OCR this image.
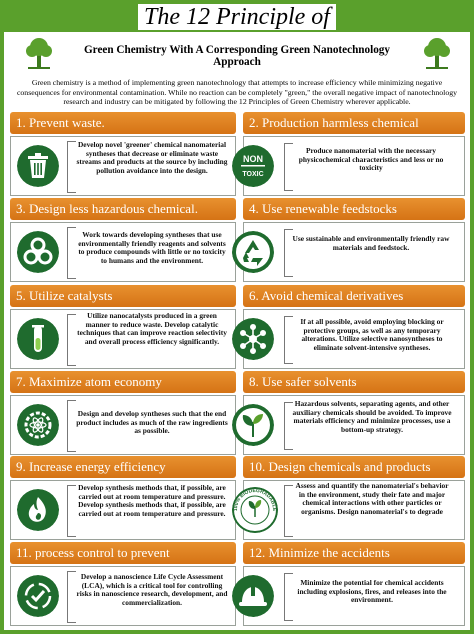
The 12 Principle of
Green Chemistry With A Corresponding Green Nanotechnology Approach
Green chemistry is a method of implementing green nanotechnology that attempts to increase efficiency while minimizing negative consequences for environmental contamination. While no reaction can be completely "green," the overall negative impact of nanotechnology research and industry can be mitigated by following the 12 Principles of Green Chemistry wherever applicable.
1. Prevent waste.	2. Production harmless chemical
Develop novel 'greener' chemical nanomaterial syntheses that decrease or eliminate waste streams and products at the source by including pollution avoidance into the design.
NON
TOXIC
Produce nanomaterial with the necessary physicochemical characteristics and less or no toxicity
3. Design less hazardous chemical.	4. Use renewable feedstocks
Work towards developing syntheses that use environmentally friendly reagents and solvents to produce compounds with little or no toxicity to humans and the environment.
Use sustainable and environmentally friendly raw materials and feedstock.
5. Utilize catalysts	6. Avoid chemical derivatives
Utilize nanocatalysts produced in a green manner to reduce waste. Develop catalytic techniques that can improve reaction selectivity and overall process efficiency significantly.
If at all possible, avoid employing blocking or protective groups, as well as any temporary alterations. Utilize selective nanosyntheses to eliminate solvent-intensive syntheses.
7. Maximize atom economy	8. Use safer solvents
Design and develop syntheses such that the end product includes as much of the raw ingredients as possible.
Hazardous solvents, separating agents, and other auxiliary chemicals should be avoided. To improve materials efficiency and minimize processes, use a bottom-up strategy.
9. Increase energy efficiency	10. Design chemicals and products
Develop synthesis methods that, if possible, are carried out at room temperature and pressure. Develop synthesis methods that, if possible, are carried out at room temperature and pressure.	100% BIODEGRADABLE
Assess and quantify the nanomaterial's behavior in the environment, study their fate and major chemical interactions with other particles or organisms. Design nanomaterial's to degrade
11. process control to prevent	12. Minimize the accidents
Develop a nanoscience Life Cycle Assessment (LCA), which is a critical tool for controlling risks in nanoscience research, development, and commercialization.
Minimize the potential for chemical accidents including explosions, fires, and releases into the environment.
